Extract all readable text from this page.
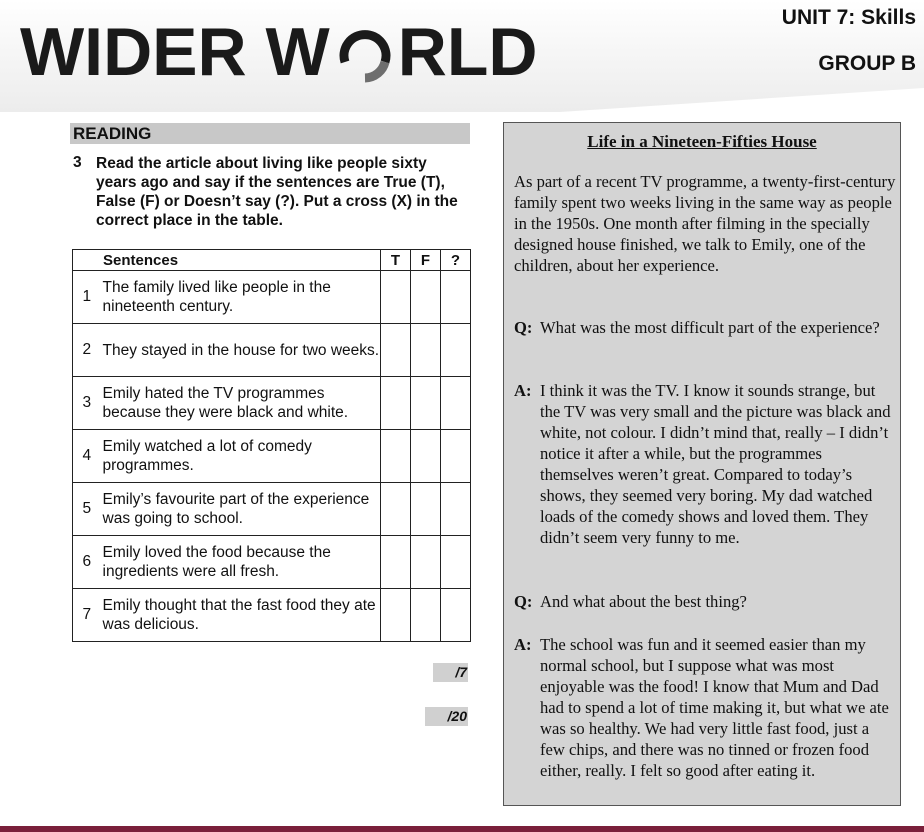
WIDER W RLD	UNIT 7: Skills
GROUP B
READING
3 Read the article about living like people sixty years ago and say if the sentences are True (T), False (F) or Doesn’t say (?). Put a cross (X) in the correct place in the table.
Sentences		T	F	?
1	The family lived like people in the nineteenth century.			
2	They stayed in the house for two weeks.			
3	Emily hated the TV programmes because they were black and white.			
4	Emily watched a lot of comedy programmes.			
5	Emily’s favourite part of the experience was going to school.			
6	Emily loved the food because the ingredients were all fresh.			
7	Emily thought that the fast food they ate was delicious.			
/7
/20
Life in a Nineteen-Fifties House
As part of a recent TV programme, a twenty-first-century family spent two weeks living in the same way as people in the 1950s. One month after filming in the specially designed house finished, we talk to Emily, one of the children, about her experience.
Q: What was the most difficult part of the experience?
A: I think it was the TV. I know it sounds strange, but the TV was very small and the picture was black and white, not colour. I didn’t mind that, really – I didn’t notice it after a while, but the programmes themselves weren’t great. Compared to today’s shows, they seemed very boring. My dad watched loads of the comedy shows and loved them. They didn’t seem very funny to me.
Q: And what about the best thing?
A: The school was fun and it seemed easier than my normal school, but I suppose what was most enjoyable was the food! I know that Mum and Dad had to spend a lot of time making it, but what we ate was so healthy. We had very little fast food, just a few chips, and there was no tinned or frozen food either, really. I felt so good after eating it.
